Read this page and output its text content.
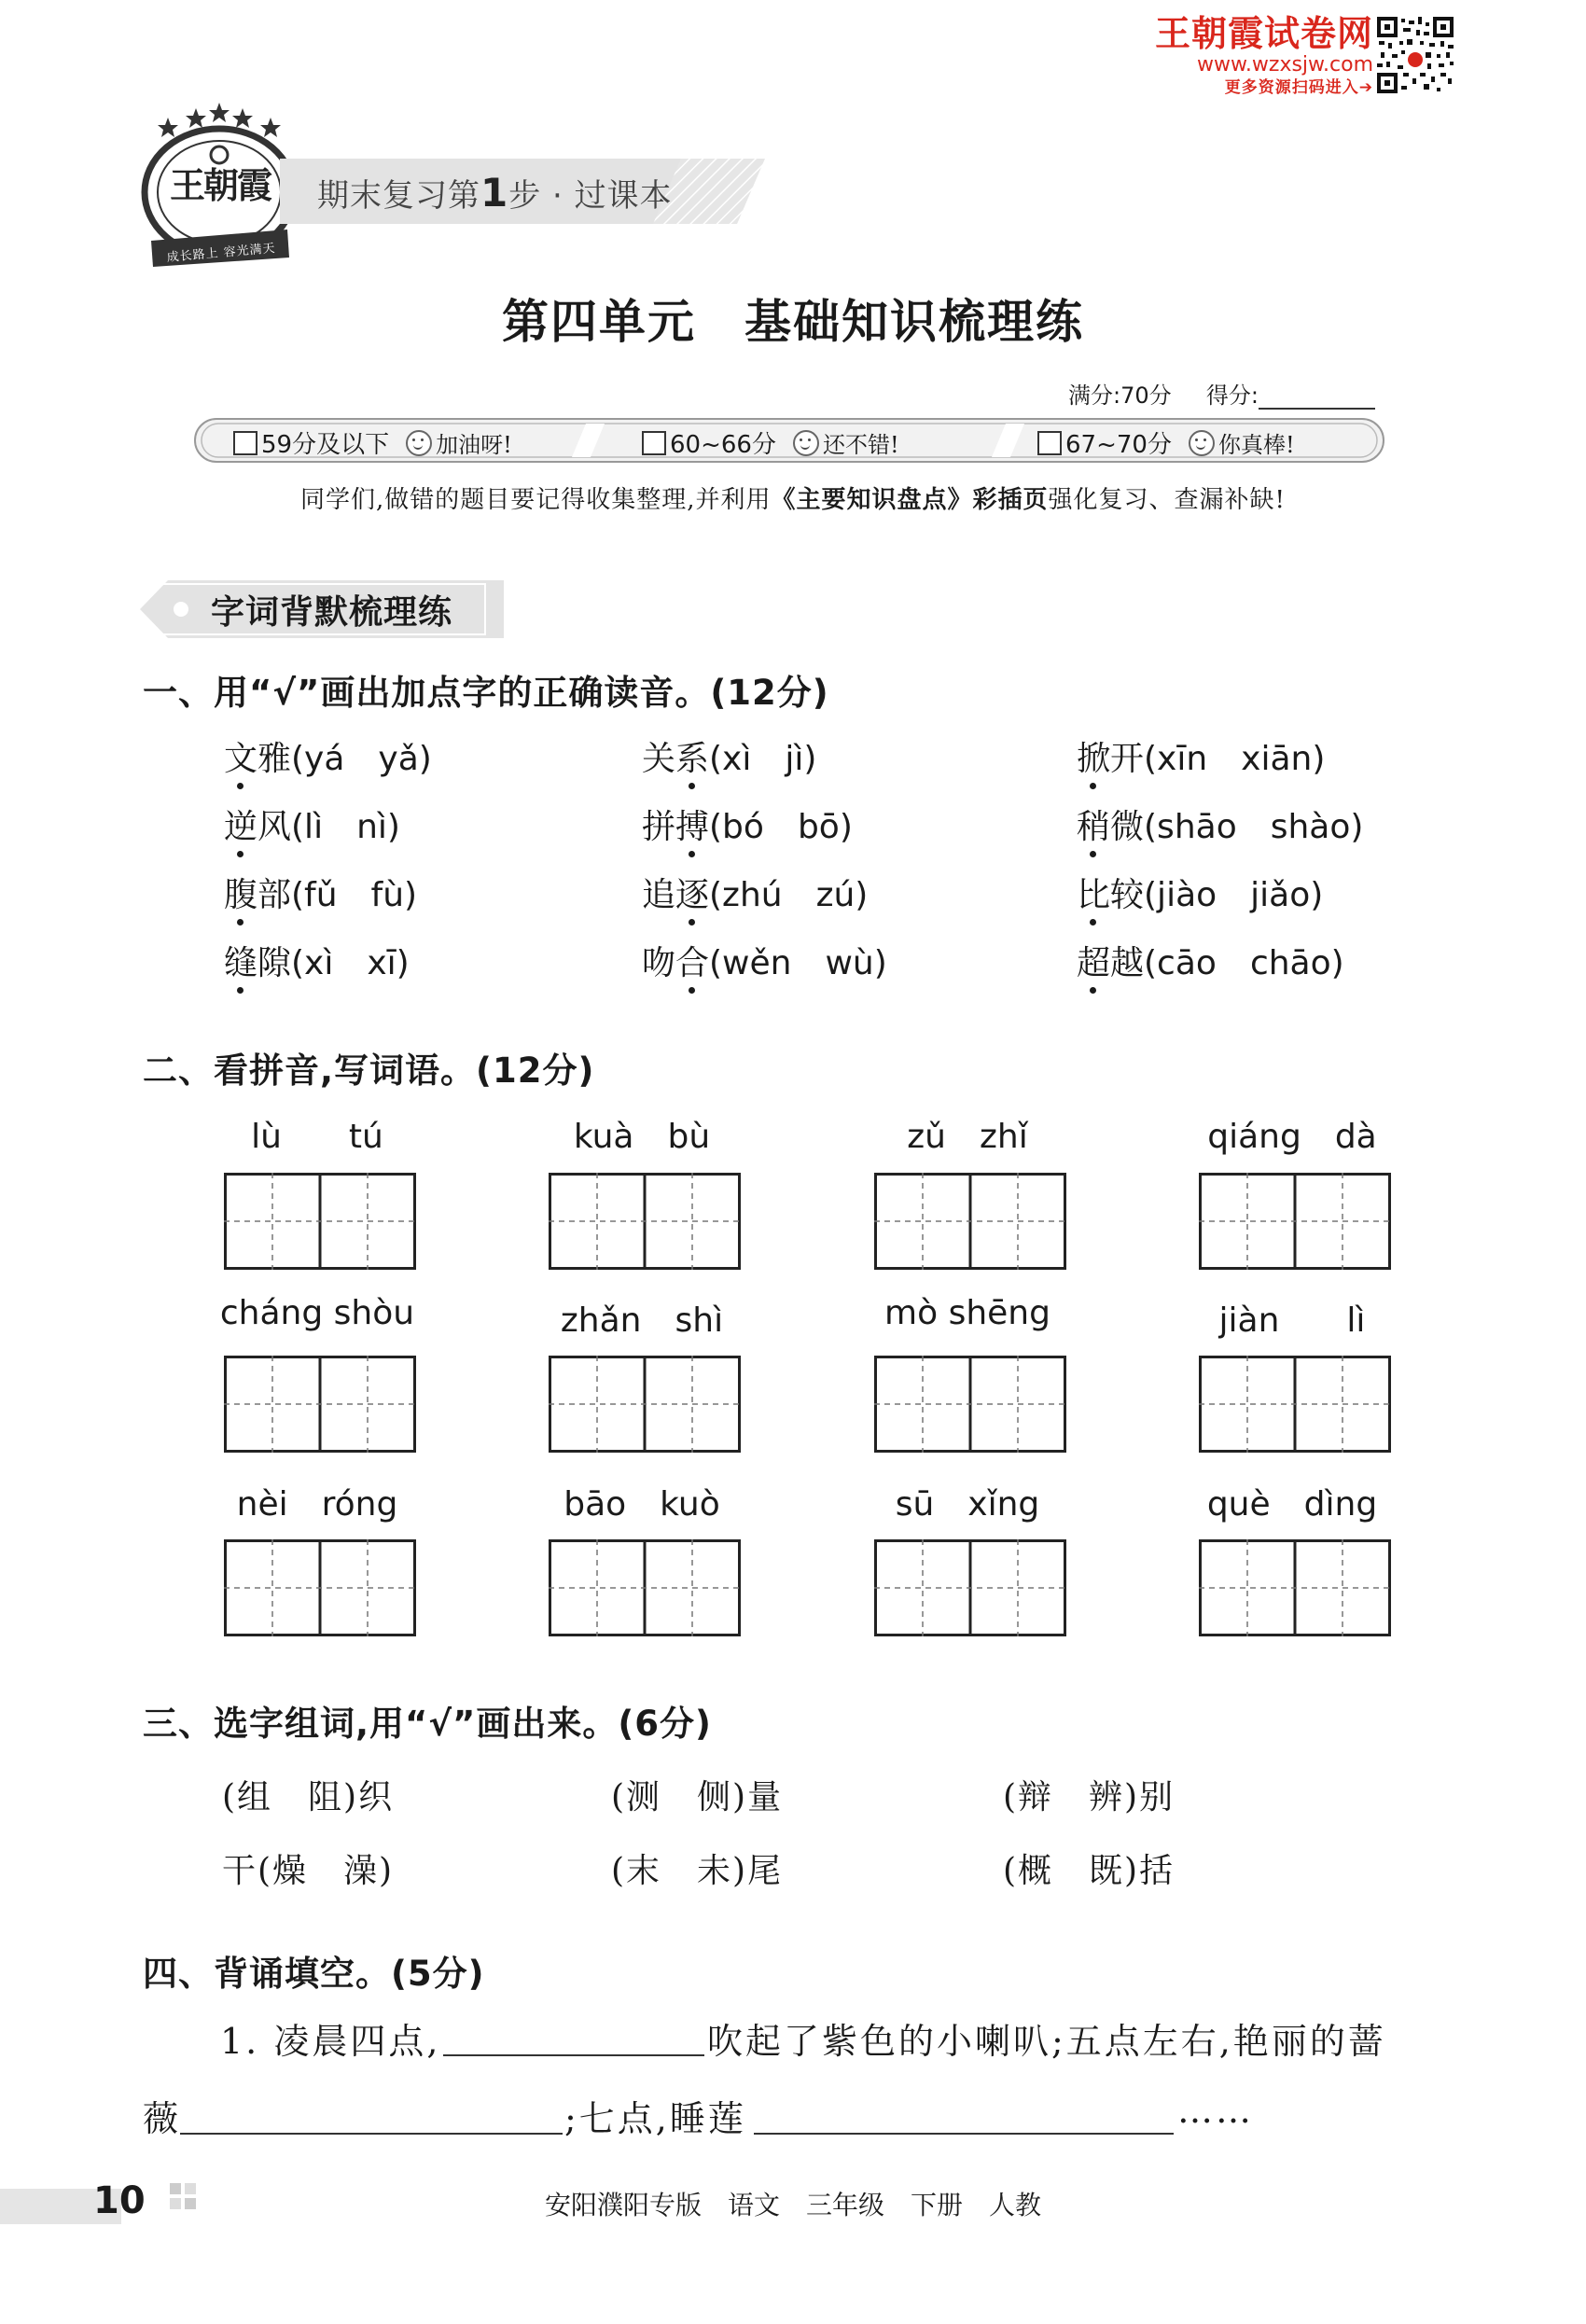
王朝霞试卷网
www.wzxsjw.com
更多资源扫码进入➔
王朝霞
成长路上 容光满天
期末复习第1步 · 过课本
第四单元　基础知识梳理练
满分:70分 得分:
59分及以下 加油呀!	60~66分 还不错!	67~70分 你真棒!
同学们,做错的题目要记得收集整理,并利用《主要知识盘点》彩插页强化复习、查漏补缺!
字词背默梳理练
一、用“√”画出加点字的正确读音。(12分)
文雅(yá　yǎ)	关系(xì　jì)	掀开(xīn　xiān)
逆风(lì　nì)	拼搏(bó　bō)	稍微(shāo　shào)
腹部(fǔ　fù)	追逐(zhú　zú)	比较(jiào　jiǎo)
缝隙(xì　xī)	吻合(wěn　wù)	超越(cāo　chāo)
二、看拼音,写词语。(12分)
lù　　tú	kuà　bù	zǔ　zhǐ	qiáng　dà
cháng shòu	zhǎn　shì	mò shēng	jiàn　　lì
nèi　róng	bāo　kuò	sū　xǐng	què　dìng
三、选字组词,用“√”画出来。(6分)
(组　阻)织	(测　侧)量	(辩　辨)别
干(燥　澡)	(末　未)尾	(概　既)括
四、背诵填空。(5分)
1. 凌晨四点,	吹起了紫色的小喇叭;五点左右,艳丽的蔷
薇	;七点,睡莲	……
10	安阳濮阳专版　语文　三年级　下册　人教
